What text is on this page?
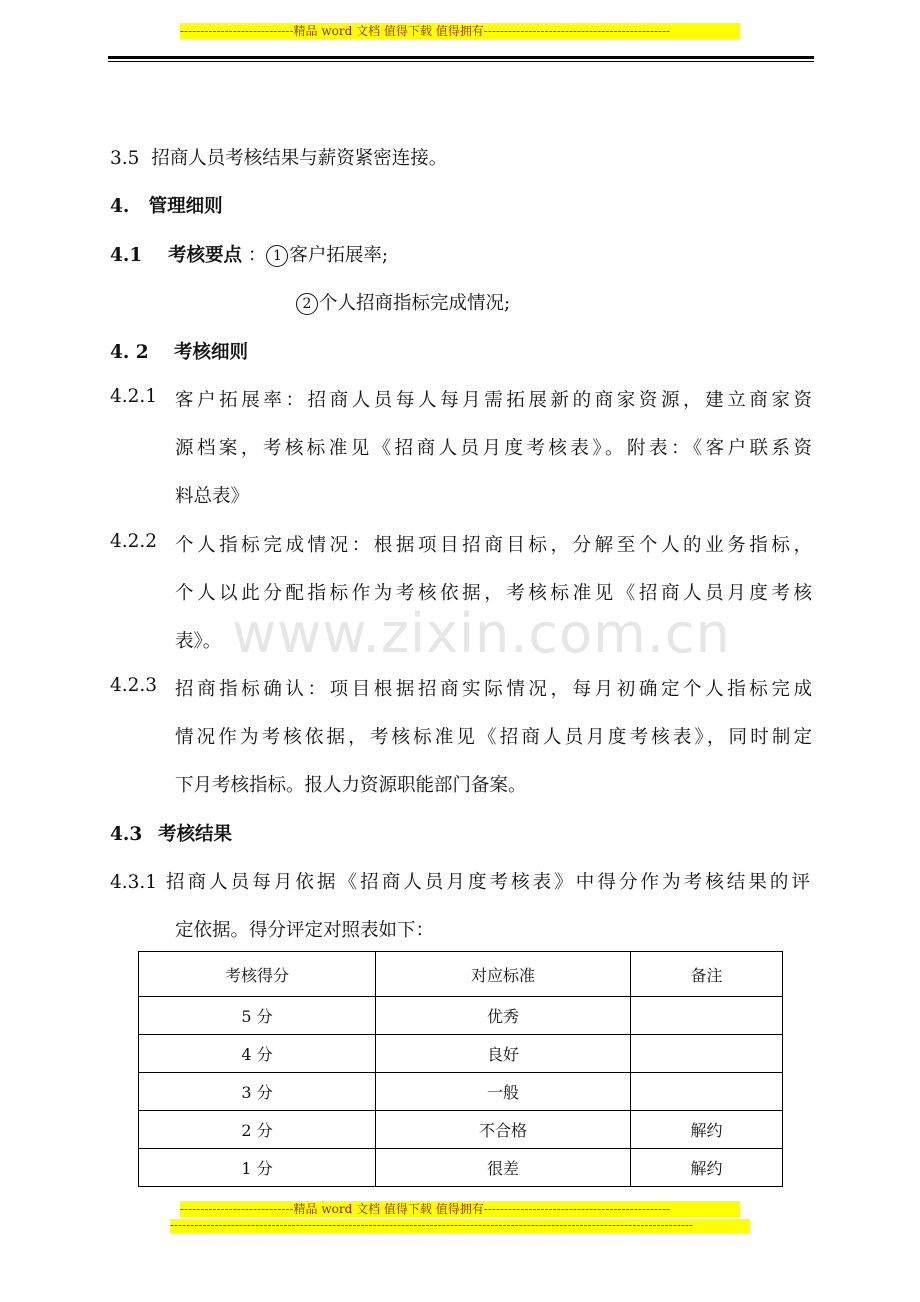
----------------------------精品 word 文档 值得下载 值得拥有----------------------------------------------
www.zixin.com.cn
3.5 招商人员考核结果与薪资紧密连接。
4. 管理细则
4.1 考核要点 ： 1 客户拓展率;
2 个人招商指标完成情况;
4. 2 考核细则
4.2.1 客户拓展率：招商人员每人每月需拓展新的商家资源，建立商家资
源档案，考核标准见《招商人员月度考核表》。附表：《客户联系资
料总表》
4.2.2 个人指标完成情况：根据项目招商目标，分解至个人的业务指标，
个人以此分配指标作为考核依据，考核标准见《招商人员月度考核
表》。
4.2.3 招商指标确认：项目根据招商实际情况，每月初确定个人指标完成
情况作为考核依据，考核标准见《招商人员月度考核表》，同时制定
下月考核指标。报人力资源职能部门备案。
4.3 考核结果
4.3.1 招商人员每月依据《招商人员月度考核表》中得分作为考核结果的评
定依据。得分评定对照表如下：
考核得分	对应标准	备注
5 分	优秀	
4 分	良好	
3 分	一般	
2 分	不合格	解约
1 分	很差	解约
----------------------------精品 word 文档 值得下载 值得拥有----------------------------------------------
---------------------------------------------------------------------------------------------------------------------------------
